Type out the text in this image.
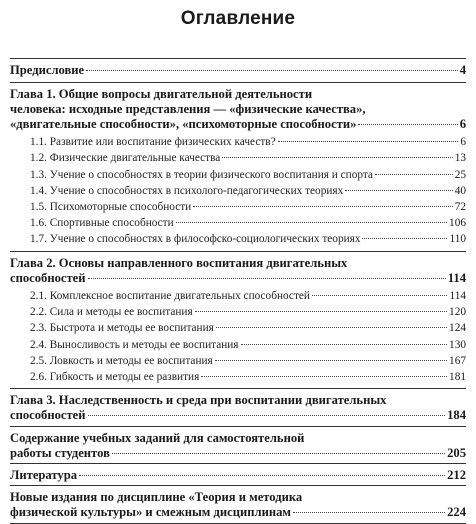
Оглавление
Предисловие	4
Глава 1. Общие вопросы двигательной деятельности
человека: исходные представления — «физические качества»,
«двигательные способности», «психомоторные способности»	6
1.1. Развитие или воспитание физических качеств?	6
1.2. Физические двигательные качества	13
1.3. Учение о способностях в теории физического воспитания и спорта	25
1.4. Учение о способностях в психолого-педагогических теориях	40
1.5. Психомоторные способности	72
1.6. Спортивные способности	106
1.7. Учение о способностях в философско-социологических теориях	110
Глава 2. Основы направленного воспитания двигательных
способностей	114
2.1. Комплексное воспитание двигательных способностей	114
2.2. Сила и методы ее воспитания	120
2.3. Быстрота и методы ее воспитания	124
2.4. Выносливость и методы ее воспитания	130
2.5. Ловкость и методы ее воспитания	167
2.6. Гибкость и методы ее развития	181
Глава 3. Наследственность и среда при воспитании двигательных
способностей	184
Содержание учебных заданий для самостоятельной
работы студентов	205
Литература	212
Новые издания по дисциплине «Теория и методика
физической культуры» и смежным дисциплинам	224
